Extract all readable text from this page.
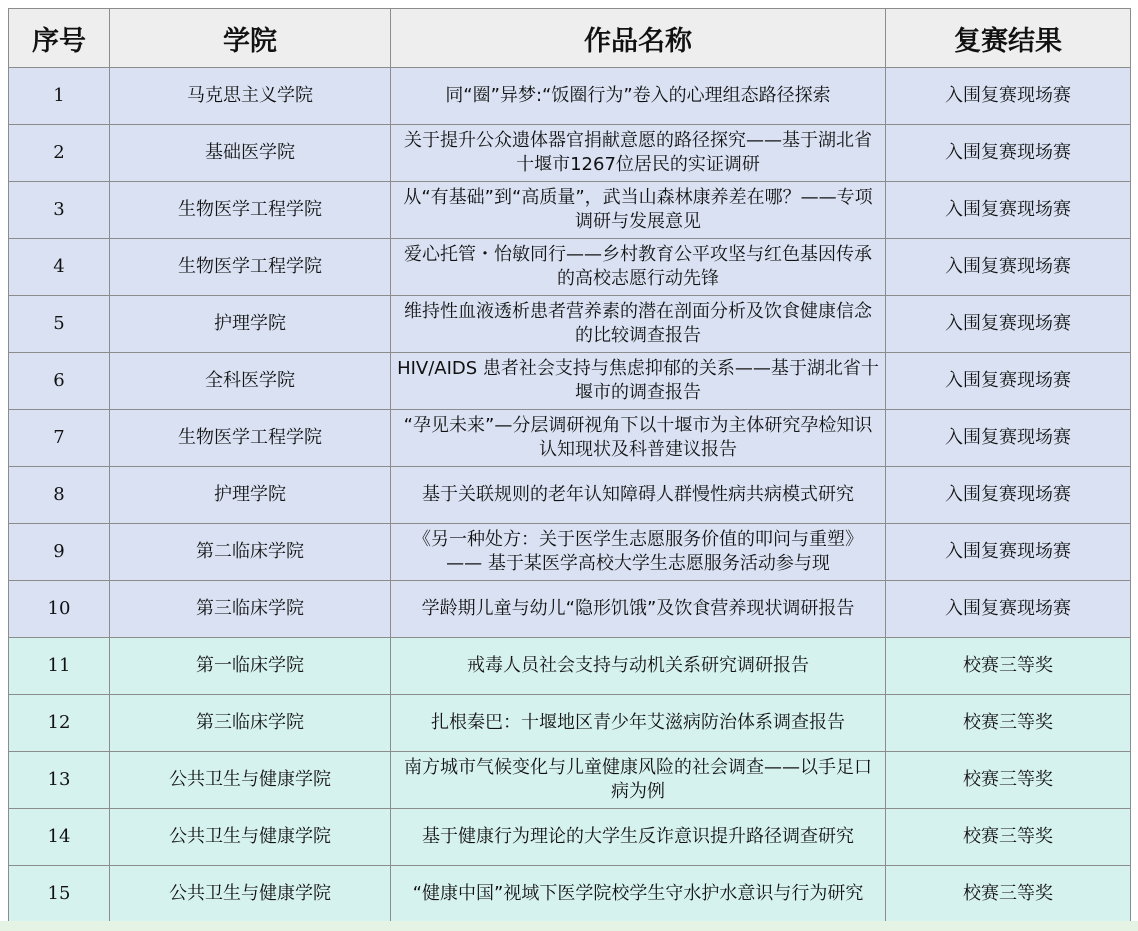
序号	学院	作品名称	复赛结果
1	马克思主义学院	同“圈”异梦:“饭圈行为”卷入的心理组态路径探索	入围复赛现场赛
2	基础医学院	关于提升公众遗体器官捐献意愿的路径探究——基于湖北省十堰市1267位居民的实证调研	入围复赛现场赛
3	生物医学工程学院	从“有基础”到“高质量”，武当山森林康养差在哪？——专项调研与发展意见	入围复赛现场赛
4	生物医学工程学院	爱心托管・怡敏同行——乡村教育公平攻坚与红色基因传承的高校志愿行动先锋	入围复赛现场赛
5	护理学院	维持性血液透析患者营养素的潜在剖面分析及饮食健康信念的比较调查报告	入围复赛现场赛
6	全科医学院	HIV/AIDS 患者社会支持与焦虑抑郁的关系——基于湖北省十堰市的调查报告	入围复赛现场赛
7	生物医学工程学院	“孕见未来”—分层调研视角下以十堰市为主体研究孕检知识认知现状及科普建议报告	入围复赛现场赛
8	护理学院	基于关联规则的老年认知障碍人群慢性病共病模式研究	入围复赛现场赛
9	第二临床学院	《另一种处方：关于医学生志愿服务价值的叩问与重塑》—— 基于某医学高校大学生志愿服务活动参与现	入围复赛现场赛
10	第三临床学院	学龄期儿童与幼儿“隐形饥饿”及饮食营养现状调研报告	入围复赛现场赛
11	第一临床学院	戒毒人员社会支持与动机关系研究调研报告	校赛三等奖
12	第三临床学院	扎根秦巴：十堰地区青少年艾滋病防治体系调查报告	校赛三等奖
13	公共卫生与健康学院	南方城市气候变化与儿童健康风险的社会调查——以手足口病为例	校赛三等奖
14	公共卫生与健康学院	基于健康行为理论的大学生反诈意识提升路径调查研究	校赛三等奖
15	公共卫生与健康学院	“健康中国”视域下医学院校学生守水护水意识与行为研究	校赛三等奖
